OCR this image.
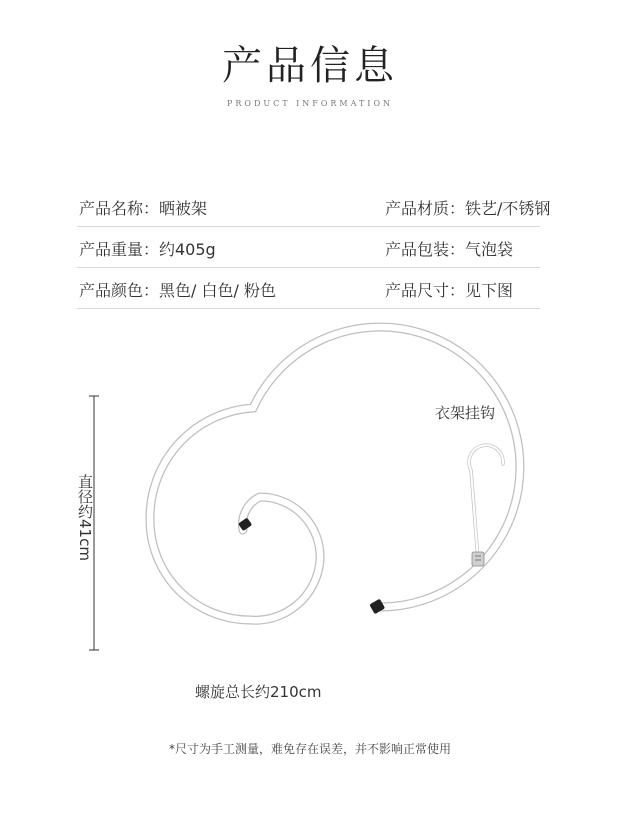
产品信息
PRODUCT INFORMATION
产品名称：晒被架	产品材质：铁艺/不锈钢
产品重量：约405g	产品包装：气泡袋
产品颜色：黑色/ 白色/ 粉色	产品尺寸：见下图
直径约41cm
螺旋总长约210cm
衣架挂钩
*尺寸为手工测量，难免存在误差，并不影响正常使用
